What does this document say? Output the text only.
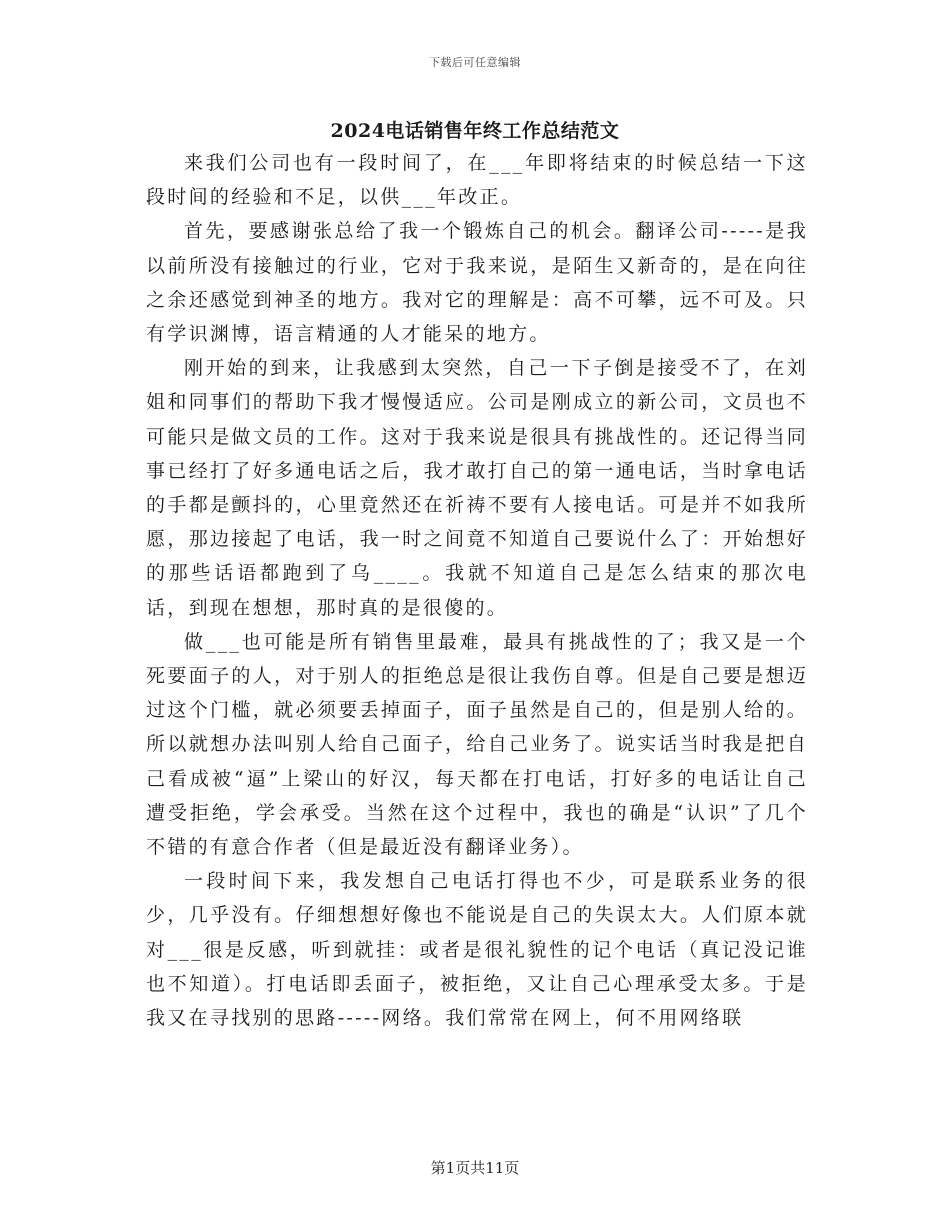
下载后可任意编辑
2024电话销售年终工作总结范文

来我们公司也有一段时间了，在___年即将结束的时候总结一下这段时间的经验和不足，以供___年改正。

首先，要感谢张总给了我一个锻炼自己的机会。翻译公司-----是我以前所没有接触过的行业，它对于我来说，是陌生又新奇的，是在向往之余还感觉到神圣的地方。我对它的理解是：高不可攀，远不可及。只有学识渊博，语言精通的人才能呆的地方。

刚开始的到来，让我感到太突然，自己一下子倒是接受不了，在刘姐和同事们的帮助下我才慢慢适应。公司是刚成立的新公司，文员也不可能只是做文员的工作。这对于我来说是很具有挑战性的。还记得当同事已经打了好多通电话之后，我才敢打自己的第一通电话，当时拿电话的手都是颤抖的，心里竟然还在祈祷不要有人接电话。可是并不如我所愿，那边接起了电话，我一时之间竟不知道自己要说什么了：开始想好的那些话语都跑到了乌____。我就不知道自己是怎么结束的那次电话，到现在想想，那时真的是很傻的。

做___也可能是所有销售里最难，最具有挑战性的了；我又是一个死要面子的人，对于别人的拒绝总是很让我伤自尊。但是自己要是想迈过这个门槛，就必须要丢掉面子，面子虽然是自己的，但是别人给的。所以就想办法叫别人给自己面子，给自己业务了。说实话当时我是把自己看成被“逼”上梁山的好汉，每天都在打电话，打好多的电话让自己遭受拒绝，学会承受。当然在这个过程中，我也的确是“认识”了几个不错的有意合作者（但是最近没有翻译业务）。

一段时间下来，我发想自己电话打得也不少，可是联系业务的很少，几乎没有。仔细想想好像也不能说是自己的失误太大。人们原本就对___很是反感，听到就挂：或者是很礼貌性的记个电话（真记没记谁也不知道）。打电话即丢面子，被拒绝，又让自己心理承受太多。于是我又在寻找别的思路-----网络。我们常常在网上，何不用网络联

第1页共11页
